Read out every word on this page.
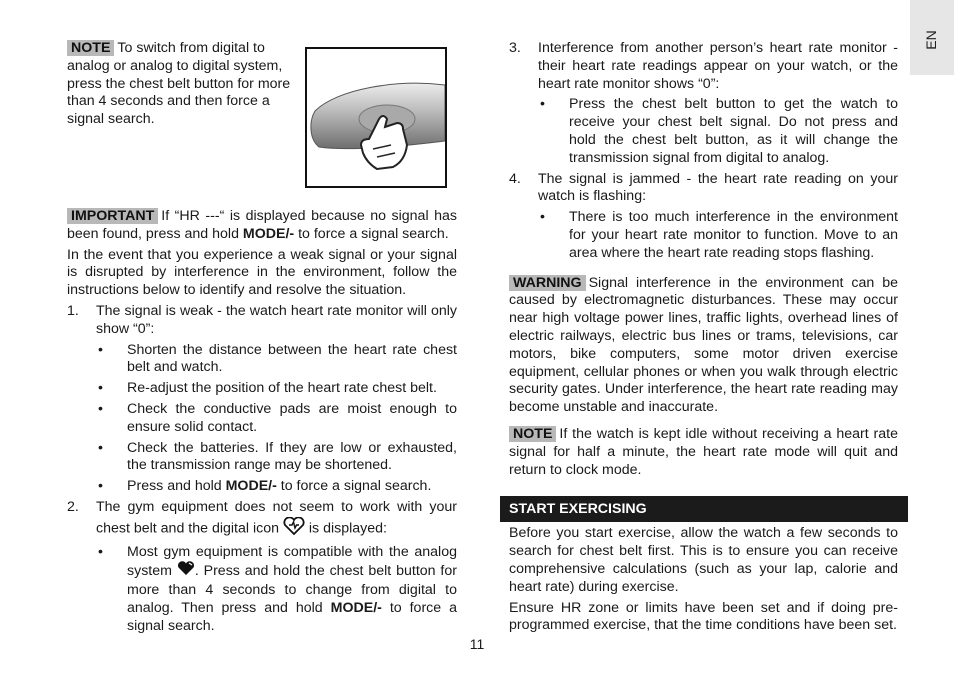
EN

NOTE To switch from digital to analog or analog to digital system, press the chest belt button for more than 4 seconds and then force a signal search.

IMPORTANT If “HR ---“ is displayed because no signal has been found, press and hold MODE/- to force a signal search.

In the event that you experience a weak signal or your signal is disrupted by interference in the environment, follow the instructions below to identify and resolve the situation.

1. The signal is weak - the watch heart rate monitor will only show “0”:
• Shorten the distance between the heart rate chest belt and watch.
• Re-adjust the position of the heart rate chest belt.
• Check the conductive pads are moist enough to ensure solid contact.
• Check the batteries. If they are low or exhausted, the transmission range may be shortened.
• Press and hold MODE/- to force a signal search.
2. The gym equipment does not seem to work with your chest belt and the digital icon is displayed:
• Most gym equipment is compatible with the analog system . Press and hold the chest belt button for more than 4 seconds to change from digital to analog. Then press and hold MODE/- to force a signal search.
3. Interference from another person’s heart rate monitor - their heart rate readings appear on your watch, or the heart rate monitor shows “0”:
• Press the chest belt button to get the watch to receive your chest belt signal. Do not press and hold the chest belt button, as it will change the transmission signal from digital to analog.
4. The signal is jammed - the heart rate reading on your watch is flashing:
• There is too much interference in the environment for your heart rate monitor to function. Move to an area where the heart rate reading stops flashing.

WARNING Signal interference in the environment can be caused by electromagnetic disturbances. These may occur near high voltage power lines, traffic lights, overhead lines of electric railways, electric bus lines or trams, televisions, car motors, bike computers, some motor driven exercise equipment, cellular phones or when you walk through electric security gates. Under interference, the heart rate reading may become unstable and inaccurate.

NOTE If the watch is kept idle without receiving a heart rate signal for half a minute, the heart rate mode will quit and return to clock mode.

START EXERCISING

Before you start exercise, allow the watch a few seconds to search for chest belt first. This is to ensure you can receive comprehensive calculations (such as your lap, calorie and heart rate) during exercise.

Ensure HR zone or limits have been set and if doing pre-programmed exercise, that the time conditions have been set.

11
